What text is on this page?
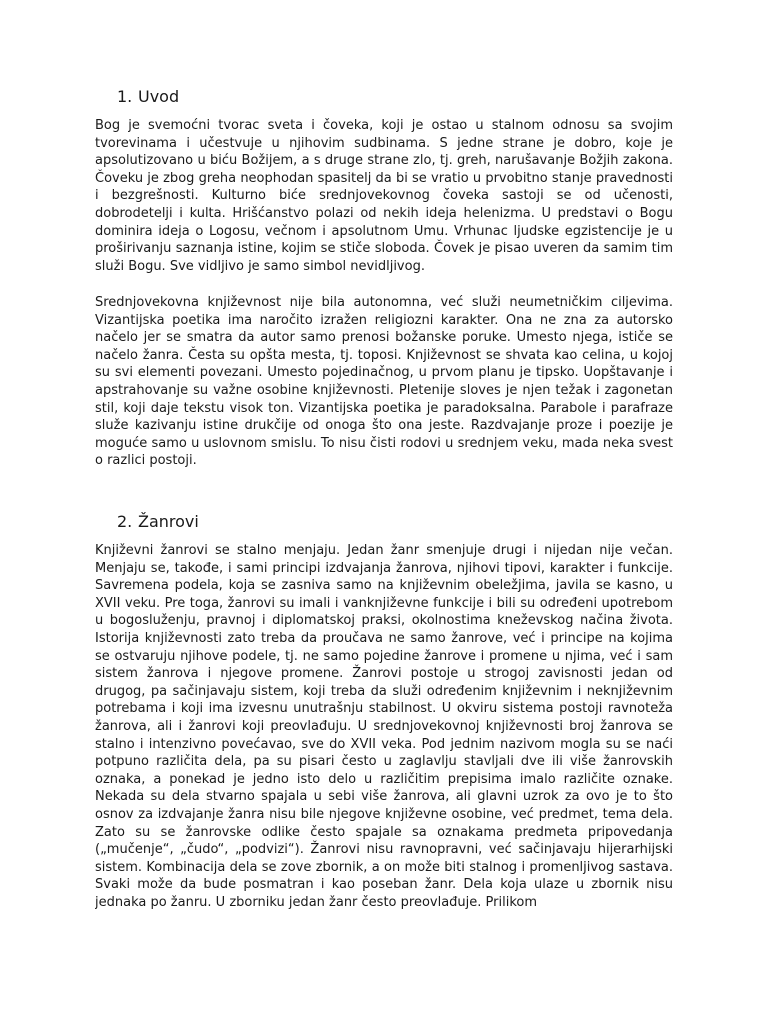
1. Uvod

Bog je svemoćni tvorac sveta i čoveka, koji je ostao u stalnom odnosu sa svojim tvorevinama i učestvuje u njihovim sudbinama. S jedne strane je dobro, koje je apsolutizovano u biću Božijem, a s druge strane zlo, tj. greh, narušavanje Božjih zakona. Čoveku je zbog greha neophodan spasitelj da bi se vratio u prvobitno stanje pravednosti i bezgrešnosti. Kulturno biće srednjovekovnog čoveka sastoji se od učenosti, dobrodetelji i kulta. Hrišćanstvo polazi od nekih ideja helenizma. U predstavi o Bogu dominira ideja o Logosu, večnom i apsolutnom Umu. Vrhunac ljudske egzistencije je u proširivanju saznanja istine, kojim se stiče sloboda. Čovek je pisao uveren da samim tim služi Bogu. Sve vidljivo je samo simbol nevidljivog.

Srednjovekovna književnost nije bila autonomna, već služi neumetničkim ciljevima. Vizantijska poetika ima naročito izražen religiozni karakter. Ona ne zna za autorsko načelo jer se smatra da autor samo prenosi božanske poruke. Umesto njega, ističe se načelo žanra. Česta su opšta mesta, tj. toposi. Književnost se shvata kao celina, u kojoj su svi elementi povezani. Umesto pojedinačnog, u prvom planu je tipsko. Uopštavanje i apstrahovanje su važne osobine književnosti. Pletenije sloves je njen težak i zagonetan stil, koji daje tekstu visok ton. Vizantijska poetika je paradoksalna. Parabole i parafraze služe kazivanju istine drukčije od onoga što ona jeste. Razdvajanje proze i poezije je moguće samo u uslovnom smislu. To nisu čisti rodovi u srednjem veku, mada neka svest o razlici postoji.

2. Žanrovi

Književni žanrovi se stalno menjaju. Jedan žanr smenjuje drugi i nijedan nije večan. Menjaju se, takođe, i sami principi izdvajanja žanrova, njihovi tipovi, karakter i funkcije. Savremena podela, koja se zasniva samo na književnim obeležjima, javila se kasno, u XVII veku. Pre toga, žanrovi su imali i vanknjiževne funkcije i bili su određeni upotrebom u bogosluženju, pravnoj i diplomatskoj praksi, okolnostima kneževskog načina života. Istorija književnosti zato treba da proučava ne samo žanrove, već i principe na kojima se ostvaruju njihove podele, tj. ne samo pojedine žanrove i promene u njima, već i sam sistem žanrova i njegove promene. Žanrovi postoje u strogoj zavisnosti jedan od drugog, pa sačinjavaju sistem, koji treba da služi određenim književnim i neknjiževnim potrebama i koji ima izvesnu unutrašnju stabilnost. U okviru sistema postoji ravnoteža žanrova, ali i žanrovi koji preovlađuju. U srednjovekovnoj književnosti broj žanrova se stalno i intenzivno povećavao, sve do XVII veka. Pod jednim nazivom mogla su se naći potpuno različita dela, pa su pisari često u zaglavlju stavljali dve ili više žanrovskih oznaka, a ponekad je jedno isto delo u različitim prepisima imalo različite oznake. Nekada su dela stvarno spajala u sebi više žanrova, ali glavni uzrok za ovo je to što osnov za izdvajanje žanra nisu bile njegove književne osobine, već predmet, tema dela. Zato su se žanrovske odlike često spajale sa oznakama predmeta pripovedanja („mučenje“, „čudo“, „podvizi“). Žanrovi nisu ravnopravni, već sačinjavaju hijerarhijski sistem. Kombinacija dela se zove zbornik, a on može biti stalnog i promenljivog sastava. Svaki može da bude posmatran i kao poseban žanr. Dela koja ulaze u zbornik nisu jednaka po žanru. U zborniku jedan žanr često preovlađuje. Prilikom
